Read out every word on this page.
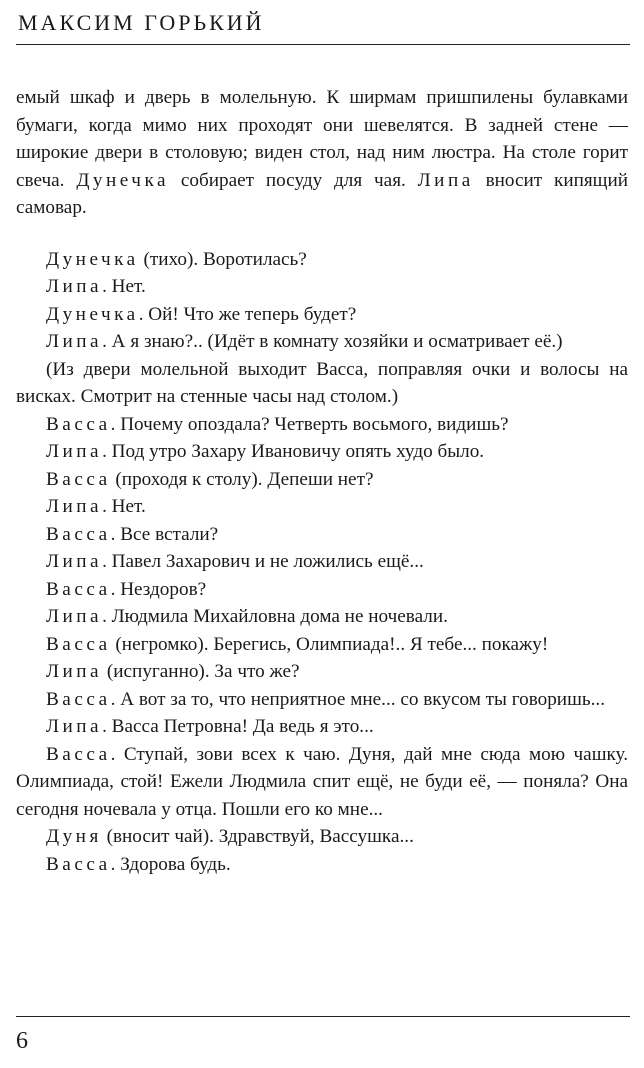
МАКСИМ ГОРЬКИЙ

емый шкаф и дверь в молельную. К ширмам пришпилены булавками бумаги, когда мимо них проходят они шевелятся. В задней стене — широкие двери в столовую; виден стол, над ним люстра. На столе горит свеча. Дунечка собирает посуду для чая. Липа вносит кипящий самовар.

Дунечка (тихо). Воротилась?

Липа. Нет.

Дунечка. Ой! Что же теперь будет?

Липа. А я знаю?.. (Идёт в комнату хозяйки и осматривает её.)

(Из двери молельной выходит Васса, поправляя очки и волосы на висках. Смотрит на стенные часы над столом.)

Васса. Почему опоздала? Четверть восьмого, видишь?

Липа. Под утро Захару Ивановичу опять худо было.

Васса (проходя к столу). Депеши нет?

Липа. Нет.

Васса. Все встали?

Липа. Павел Захарович и не ложились ещё...

Васса. Нездоров?

Липа. Людмила Михайловна дома не ночевали.

Васса (негромко). Берегись, Олимпиада!.. Я тебе... покажу!

Липа (испуганно). За что же?

Васса. А вот за то, что неприятное мне... со вкусом ты говоришь...

Липа. Васса Петровна! Да ведь я это...

Васса. Ступай, зови всех к чаю. Дуня, дай мне сюда мою чашку. Олимпиада, стой! Ежели Людмила спит ещё, не буди её, — поняла? Она сегодня ночевала у отца. Пошли его ко мне...

Дуня (вносит чай). Здравствуй, Вассушка...

Васса. Здорова будь.

6
